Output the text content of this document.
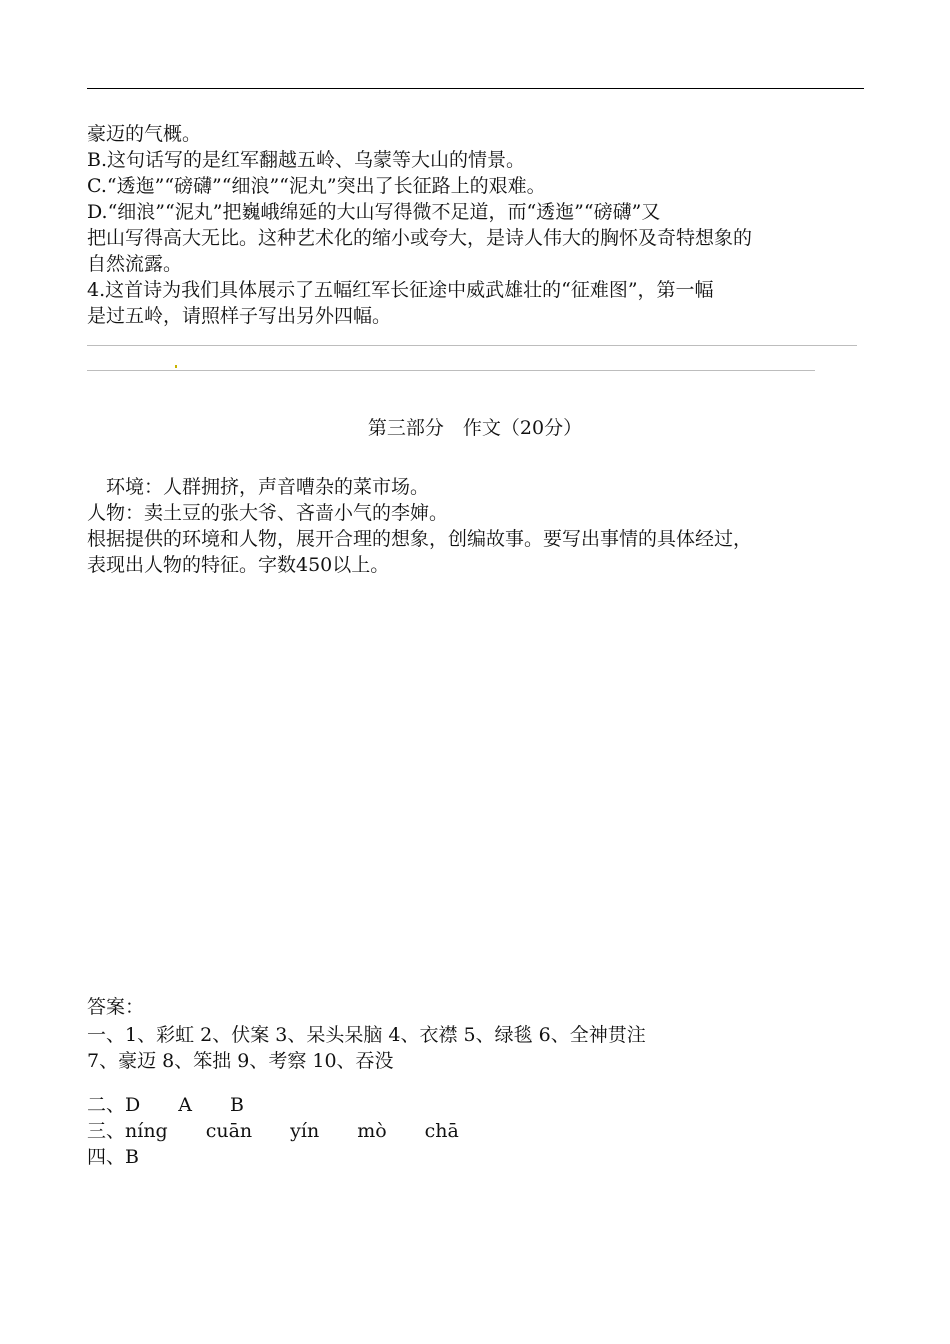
豪迈的气概。
B.这句话写的是红军翻越五岭、乌蒙等大山的情景。
C.“透迤”“磅礴”“细浪”“泥丸”突出了长征路上的艰难。
D.“细浪”“泥丸”把巍峨绵延的大山写得微不足道，而“透迤”“磅礴”又
把山写得高大无比。这种艺术化的缩小或夸大，是诗人伟大的胸怀及奇特想象的
自然流露。
4.这首诗为我们具体展示了五幅红军长征途中威武雄壮的“征难图”，第一幅
是过五岭，请照样子写出另外四幅。
第三部分　作文（20分）
　环境：人群拥挤，声音嘈杂的菜市场。
人物：卖土豆的张大爷、吝啬小气的李婶。
根据提供的环境和人物，展开合理的想象，创编故事。要写出事情的具体经过，
表现出人物的特征。字数450以上。
答案：
一、1、彩虹 2、伏案 3、呆头呆脑 4、衣襟 5、绿毯 6、全神贯注
7、豪迈 8、笨拙 9、考察 10、吞没
二、D　　A　　B
三、níng　　cuān　　yín　　mò　　chā
四、B
